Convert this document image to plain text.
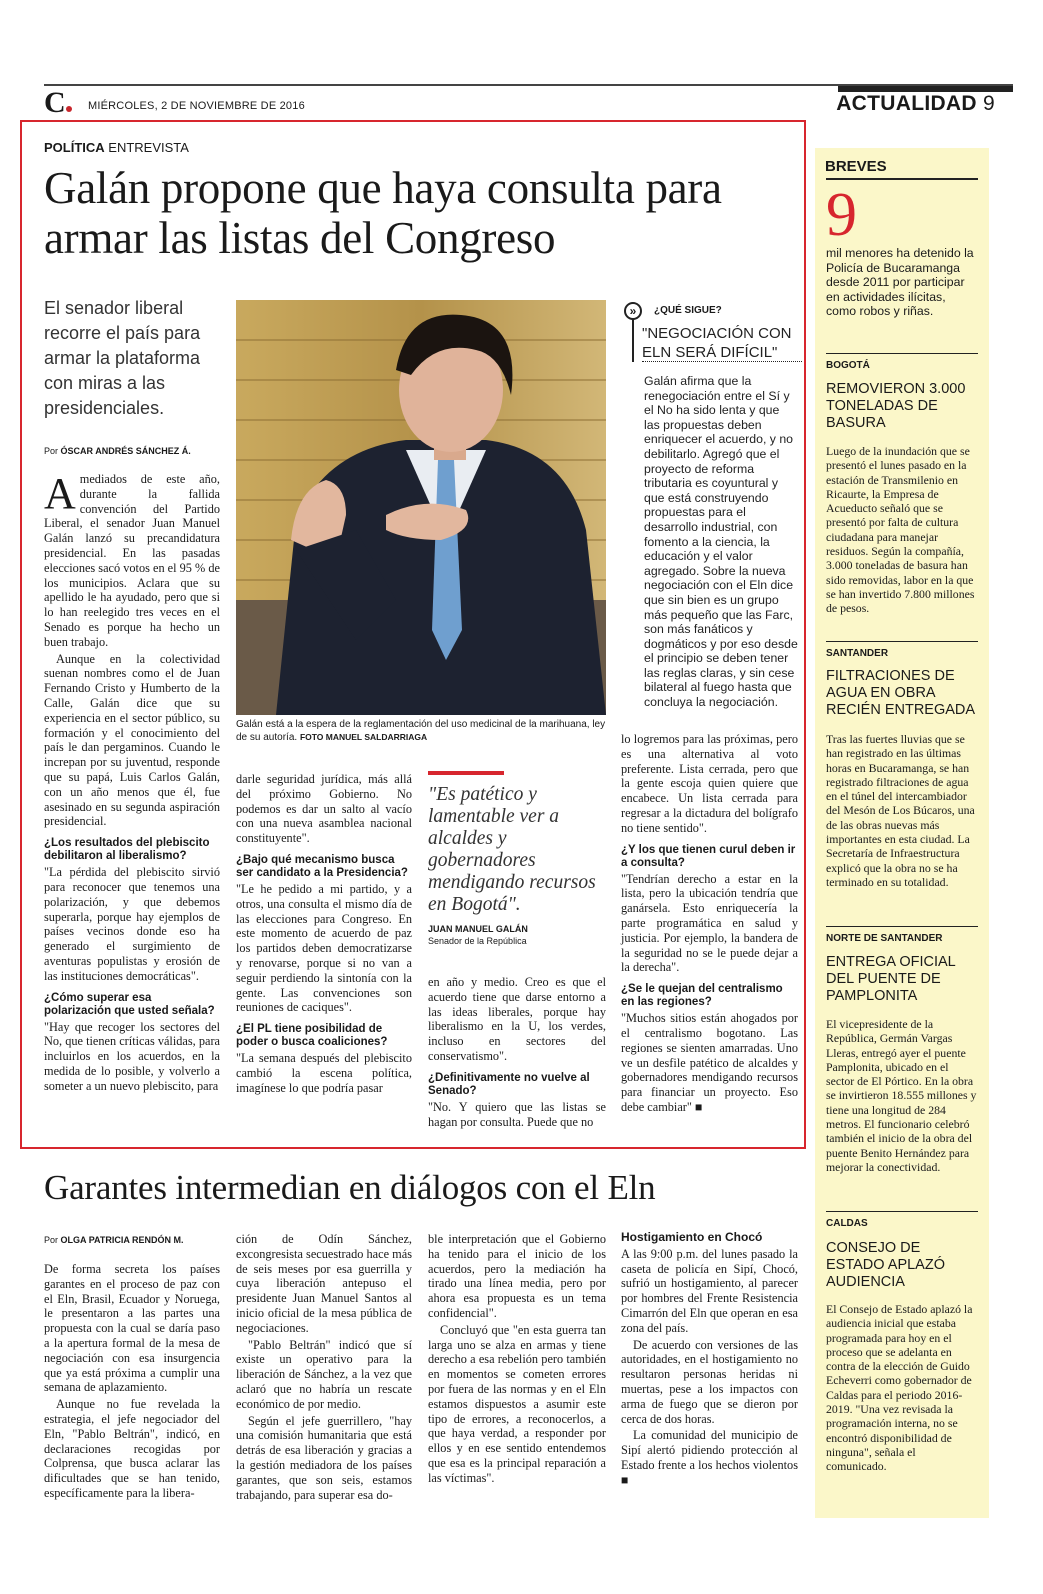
C MIÉRCOLES, 2 DE NOVIEMBRE DE 2016	ACTUALIDAD 9
POLÍTICA ENTREVISTA
Galán propone que haya consulta para armar las listas del Congreso
El senador liberal recorre el país para armar la plataforma con miras a las presidenciales.
Por ÓSCAR ANDRÉS SÁNCHEZ Á.

Amediados de este año, durante la fallida convención del Partido Liberal, el senador Juan Manuel Galán lanzó su precandidatura presidencial. En las pasadas elecciones sacó votos en el 95 % de los municipios. Aclara que su apellido le ha ayudado, pero que si lo han reelegido tres veces en el Senado es porque ha hecho un buen trabajo.

Aunque en la colectividad suenan nombres como el de Juan Fernando Cristo y Humberto de la Calle, Galán dice que su experiencia en el sector público, su formación y el conocimiento del país le dan pergaminos. Cuando le increpan por su juventud, responde que su papá, Luis Carlos Galán, con un año menos que él, fue asesinado en su segunda aspiración presidencial.

¿Los resultados del plebiscito debilitaron al liberalismo?

"La pérdida del plebiscito sirvió para reconocer que tenemos una polarización, y que debemos superarla, porque hay ejemplos de países vecinos donde eso ha generado el surgimiento de aventuras populistas y erosión de las instituciones democráticas".

¿Cómo superar esa polarización que usted señala?

"Hay que recoger los sectores del No, que tienen críticas válidas, para incluirlos en los acuerdos, en la medida de lo posible, y volverlo a someter a un nuevo plebiscito, para

Galán está a la espera de la reglamentación del uso medicinal de la marihuana, ley de su autoría. FOTO MANUEL SALDARRIAGA

darle seguridad jurídica, más allá del próximo Gobierno. No podemos es dar un salto al vacío con una nueva asamblea nacional constituyente".

¿Bajo qué mecanismo busca ser candidato a la Presidencia?

"Le he pedido a mi partido, y a otros, una consulta el mismo día de las elecciones para Congreso. En este momento de acuerdo de paz los partidos deben democratizarse y renovarse, porque si no van a seguir perdiendo la sintonía con la gente. Las convenciones son reuniones de caciques".

¿El PL tiene posibilidad de poder o busca coaliciones?

"La semana después del plebiscito cambió la escena política, imagínese lo que podría pasar

"Es patético y lamentable ver a alcaldes y gobernadores mendigando recursos en Bogotá".
JUAN MANUEL GALÁN
Senador de la República

en año y medio. Creo es que el acuerdo tiene que darse entorno a las ideas liberales, porque hay liberalismo en la U, los verdes, incluso en sectores del conservatismo".

¿Definitivamente no vuelve al Senado?

"No. Y quiero que las listas se hagan por consulta. Puede que no

»	¿QUÉ SIGUE?
"NEGOCIACIÓN CON ELN SERÁ DIFÍCIL"
Galán afirma que la renegociación entre el Sí y el No ha sido lenta y que las propuestas deben enriquecer el acuerdo, y no debilitarlo. Agregó que el proyecto de reforma tributaria es coyuntural y que está construyendo propuestas para el desarrollo industrial, con fomento a la ciencia, la educación y el valor agregado. Sobre la nueva negociación con el Eln dice que sin bien es un grupo más pequeño que las Farc, son más fanáticos y dogmáticos y por eso desde el principio se deben tener las reglas claras, y sin cese bilateral al fuego hasta que concluya la negociación.

lo logremos para las próximas, pero es una alternativa al voto preferente. Lista cerrada, pero que la gente escoja quien quiere que encabece. Un lista cerrada para regresar a la dictadura del bolígrafo no tiene sentido".

¿Y los que tienen curul deben ir a consulta?

"Tendrían derecho a estar en la lista, pero la ubicación tendría que ganársela. Esto enriquecería la parte programática en salud y justicia. Por ejemplo, la bandera de la seguridad no se le puede dejar a la derecha".

¿Se le quejan del centralismo en las regiones?

"Muchos sitios están ahogados por el centralismo bogotano. Las regiones se sienten amarradas. Uno ve un desfile patético de alcaldes y gobernadores mendigando recursos para financiar un proyecto. Eso debe cambiar" ■

Garantes intermedian en diálogos con el Eln
Por OLGA PATRICIA RENDÓN M.

De forma secreta los países garantes en el proceso de paz con el Eln, Brasil, Ecuador y Noruega, le presentaron a las partes una propuesta con la cual se daría paso a la apertura formal de la mesa de negociación con esa insurgencia que ya está próxima a cumplir una semana de aplazamiento.

Aunque no fue revelada la estrategia, el jefe negociador del Eln, "Pablo Beltrán", indicó, en declaraciones recogidas por Colprensa, que busca aclarar las dificultades que se han tenido, específicamente para la libera-

ción de Odín Sánchez, excongresista secuestrado hace más de seis meses por esa guerrilla y cuya liberación antepuso el presidente Juan Manuel Santos al inicio oficial de la mesa pública de negociaciones.

"Pablo Beltrán" indicó que sí existe un operativo para la liberación de Sánchez, a la vez que aclaró que no habría un rescate económico de por medio.

Según el jefe guerrillero, "hay una comisión humanitaria que está detrás de esa liberación y gracias a la gestión mediadora de los países garantes, que son seis, estamos trabajando, para superar esa do-

ble interpretación que el Gobierno ha tenido para el inicio de los acuerdos, pero la mediación ha tirado una línea media, pero por ahora esa propuesta es un tema confidencial".

Concluyó que "en esta guerra tan larga uno se alza en armas y tiene derecho a esa rebelión pero también en momentos se cometen errores por fuera de las normas y en el Eln estamos dispuestos a asumir este tipo de errores, a reconocerlos, a que haya verdad, a responder por ellos y en ese sentido entendemos que esa es la principal reparación a las víctimas".

Hostigamiento en Chocó

A las 9:00 p.m. del lunes pasado la caseta de policía en Sipí, Chocó, sufrió un hostigamiento, al parecer por hombres del Frente Resistencia Cimarrón del Eln que operan en esa zona del país.

De acuerdo con versiones de las autoridades, en el hostigamiento no resultaron personas heridas ni muertas, pese a los impactos con arma de fuego que se dieron por cerca de dos horas.

La comunidad del municipio de Sipí alertó pidiendo protección al Estado frente a los hechos violentos ■

BREVES
9
mil menores ha detenido la Policía de Bucaramanga desde 2011 por participar en actividades ilícitas, como robos y riñas.
BOGOTÁ
REMOVIERON 3.000 TONELADAS DE BASURA
Luego de la inundación que se presentó el lunes pasado en la estación de Transmilenio en Ricaurte, la Empresa de Acueducto señaló que se presentó por falta de cultura ciudadana para manejar residuos. Según la compañía, 3.000 toneladas de basura han sido removidas, labor en la que se han invertido 7.800 millones de pesos.
SANTANDER
FILTRACIONES DE AGUA EN OBRA RECIÉN ENTREGADA
Tras las fuertes lluvias que se han registrado en las últimas horas en Bucaramanga, se han registrado filtraciones de agua en el túnel del intercambiador del Mesón de Los Búcaros, una de las obras nuevas más importantes en esta ciudad. La Secretaría de Infraestructura explicó que la obra no se ha terminado en su totalidad.
NORTE DE SANTANDER
ENTREGA OFICIAL DEL PUENTE DE PAMPLONITA
El vicepresidente de la República, Germán Vargas Lleras, entregó ayer el puente Pamplonita, ubicado en el sector de El Pórtico. En la obra se invirtieron 18.555 millones y tiene una longitud de 284 metros. El funcionario celebró también el inicio de la obra del puente Benito Hernández para mejorar la conectividad.
CALDAS
CONSEJO DE ESTADO APLAZÓ AUDIENCIA
El Consejo de Estado aplazó la audiencia inicial que estaba programada para hoy en el proceso que se adelanta en contra de la elección de Guido Echeverri como gobernador de Caldas para el periodo 2016-2019. "Una vez revisada la programación interna, no se encontró disponibilidad de ninguna", señala el comunicado.
